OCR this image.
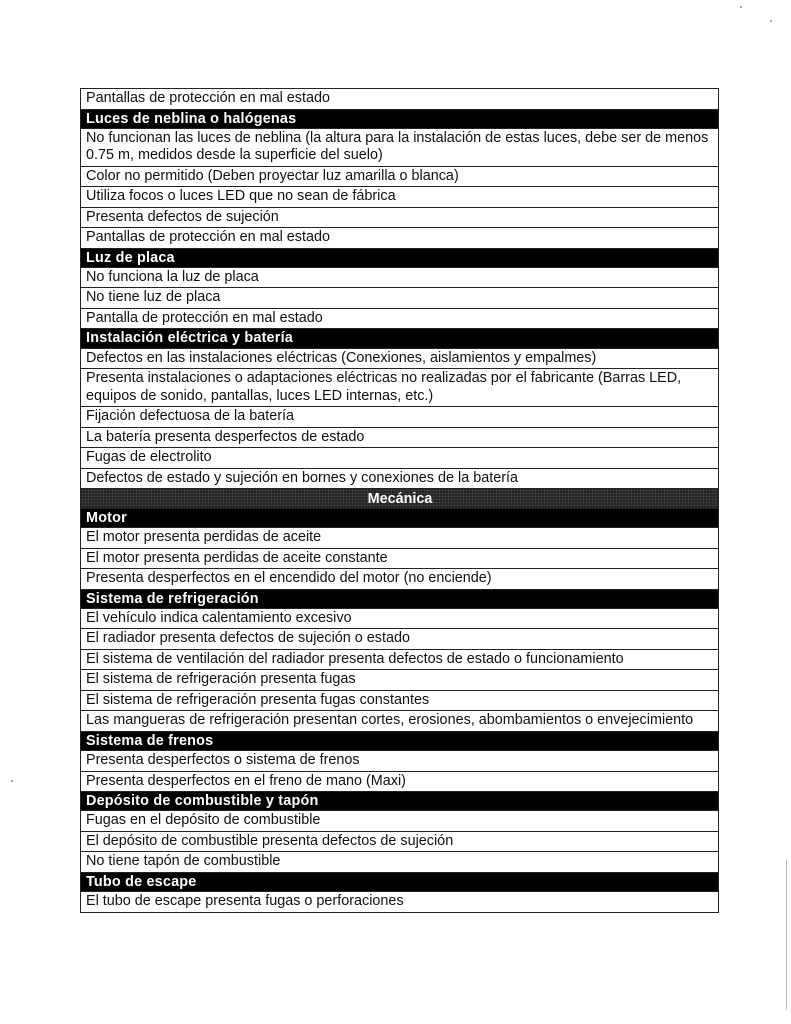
Pantallas de protección en mal estado
Luces de neblina o halógenas
No funcionan las luces de neblina (la altura para la instalación de estas luces, debe ser de menos 0.75 m, medidos desde la superficie del suelo)
Color no permitido (Deben proyectar luz amarilla o blanca)
Utiliza focos o luces LED que no sean de fábrica
Presenta defectos de sujeción
Pantallas de protección en mal estado
Luz de placa
No funciona la luz de placa
No tiene luz de placa
Pantalla de protección en mal estado
Instalación eléctrica y batería
Defectos en las instalaciones eléctricas (Conexiones, aislamientos y empalmes)
Presenta instalaciones o adaptaciones eléctricas no realizadas por el fabricante (Barras LED, equipos de sonido, pantallas, luces LED internas, etc.)
Fijación defectuosa de la batería
La batería presenta desperfectos de estado
Fugas de electrolito
Defectos de estado y sujeción en bornes y conexiones de la batería
Mecánica
Motor
El motor presenta perdidas de aceite
El motor presenta perdidas de aceite constante
Presenta desperfectos en el encendido del motor (no enciende)
Sistema de refrigeración
El vehículo indica calentamiento excesivo
El radiador presenta defectos de sujeción o estado
El sistema de ventilación del radiador presenta defectos de estado o funcionamiento
El sistema de refrigeración presenta fugas
El sistema de refrigeración presenta fugas constantes
Las mangueras de refrigeración presentan cortes, erosiones, abombamientos o envejecimiento
Sistema de frenos
Presenta desperfectos o sistema de frenos
Presenta desperfectos en el freno de mano (Maxi)
Depósito de combustible y tapón
Fugas en el depósito de combustible
El depósito de combustible presenta defectos de sujeción
No tiene tapón de combustible
Tubo de escape
El tubo de escape presenta fugas o perforaciones
